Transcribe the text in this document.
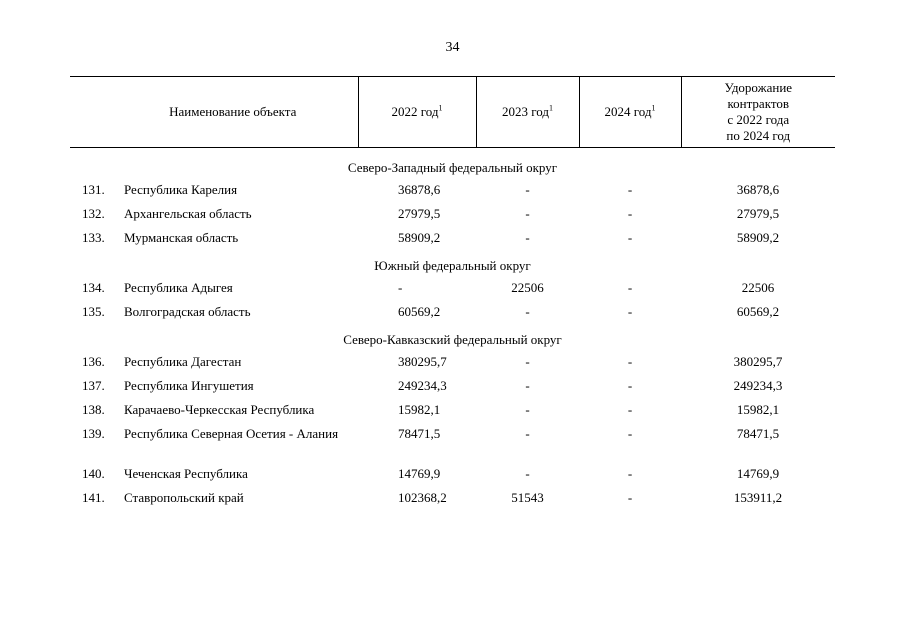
34
Наименование объекта		2022 год$^1$	2023 год$^1$	2024 год$^1$	Удорожание
контрактов
с 2022 года
по 2024 год

Северо-Западный федеральный округ					
131.	Республика Карелия	36878,6	-	-	36878,6
132.	Архангельская область	27979,5	-	-	27979,5
133.	Мурманская область	58909,2	-	-	58909,2
Южный федеральный округ					
134.	Республика Адыгея	-	22506	-	22506
135.	Волгоградская область	60569,2	-	-	60569,2
Северо-Кавказский федеральный округ					
136.	Республика Дагестан	380295,7	-	-	380295,7
137.	Республика Ингушетия	249234,3	-	-	249234,3
138.	Карачаево-Черкесская Республика	15982,1	-	-	15982,1
139.	Республика Северная Осетия - Алания	78471,5	-	-	78471,5
140.	Чеченская Республика	14769,9	-	-	14769,9
141.	Ставропольский край	102368,2	51543	-	153911,2
